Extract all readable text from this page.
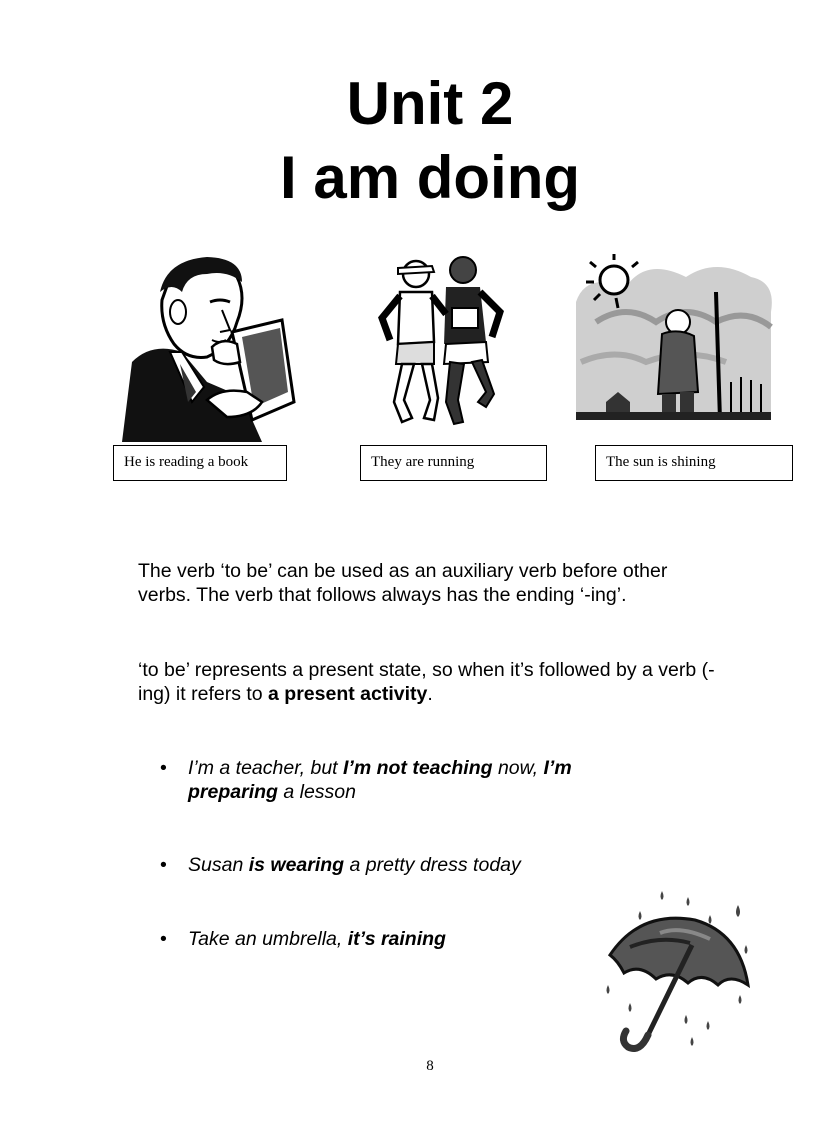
Unit 2
I am doing
He is reading a book	They are running	The sun is shining

The verb ‘to be’ can be used as an auxiliary verb before other verbs. The verb that follows always has the ending ‘-ing’.

‘to be’ represents a present state, so when it’s followed by a verb (-ing) it refers to a present activity.

• I’m a teacher, but I’m not teaching now, I’m preparing a lesson
• Susan is wearing a pretty dress today
• Take an umbrella, it’s raining
8
